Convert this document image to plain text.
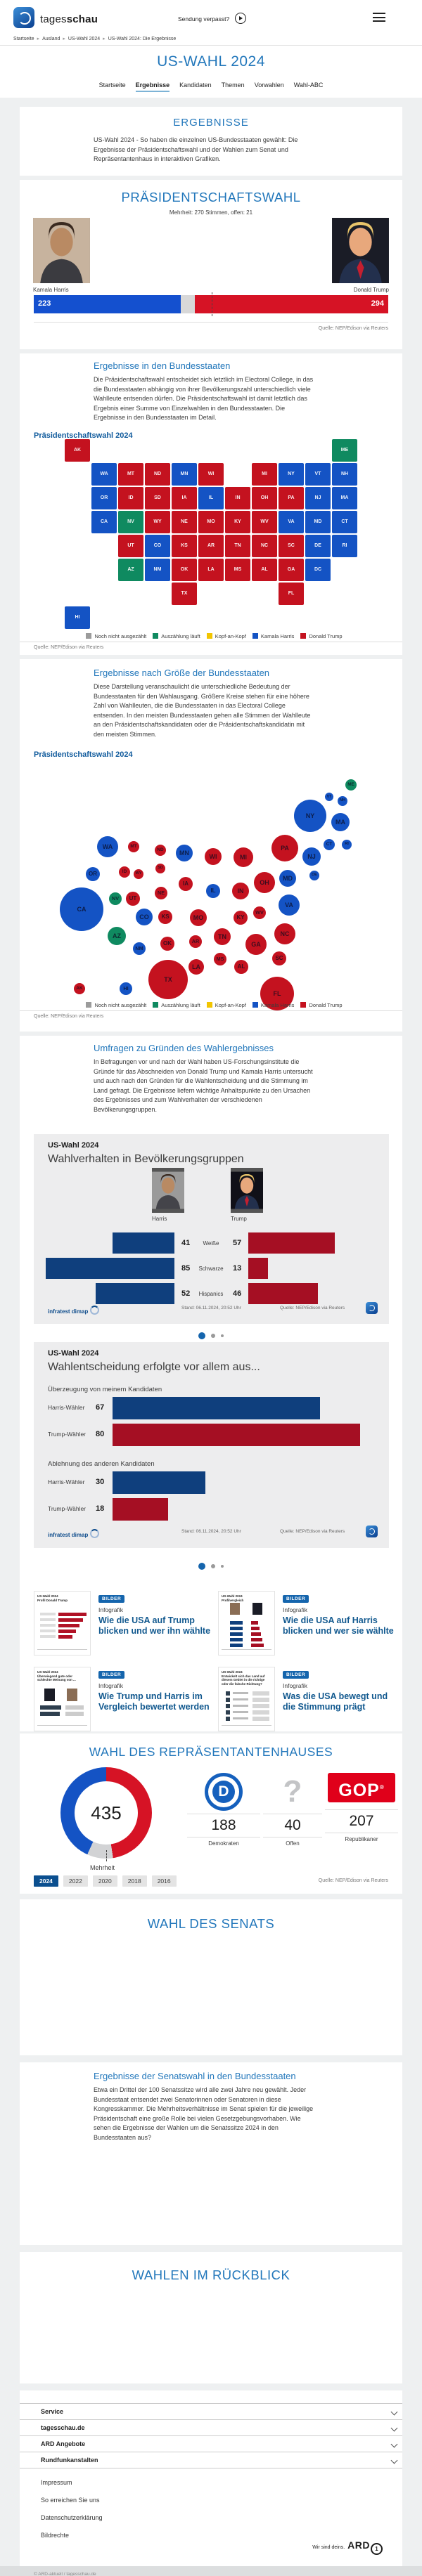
tagesschau	Sendung verpasst?
Startseite ▸ Ausland ▸ US-Wahl 2024 ▸ US-Wahl 2024: Die Ergebnisse
US-WAHL 2024
Startseite Ergebnisse Kandidaten Themen Vorwahlen Wahl-ABC
ERGEBNISSE
US-Wahl 2024 - So haben die einzelnen US-Bundesstaaten gewählt: Die Ergebnisse der Präsidentschaftswahl und der Wahlen zum Senat und Repräsentantenhaus in interaktiven Grafiken.
PRÄSIDENTSCHAFTSWAHL
Mehrheit: 270 Stimmen, offen: 21
Kamala Harris	Donald Trump
223	294
Quelle: NEP/Edison via Reuters
Ergebnisse in den Bundesstaaten
Die Präsidentschaftswahl entscheidet sich letztlich im Electoral College, in das die Bundesstaaten abhängig von ihrer Bevölkerungszahl unterschiedlich viele Wahlleute entsenden dürfen. Die Präsidentschaftswahl ist damit letztlich das Ergebnis einer Summe von Einzelwahlen in den Bundesstaaten. Die Ergebnisse in den Bundesstaaten im Detail.
Präsidentschaftswahl 2024
AK	ME
WA	MT	ND	MN	WI	MI	NY	VT	NH
OR	ID	SD	IA	IL	IN	OH	PA	NJ	MA
CA	NV	WY	NE	MO	KY	WV	VA	MD	CT
UT	CO	KS	AR	TN	NC	SC	DE	RI
AZ	NM	OK	LA	MS	AL	GA	DC
TX	FL
HI
Noch nicht ausgezählt	Auszählung läuft	Kopf-an-Kopf	Kamala Harris	Donald Trump
Quelle: NEP/Edison via Reuters
Ergebnisse nach Größe der Bundesstaaten
Diese Darstellung veranschaulicht die unterschiedliche Bedeutung der Bundesstaaten für den Wahlausgang. Größere Kreise stehen für eine höhere Zahl von Wahlleuten, die die Bundesstaaten in das Electoral College entsenden. In den meisten Bundesstaaten gehen alle Stimmen der Wahlleute an den Präsidentschaftskandidaten oder die Präsidentschaftskandidatin mit den meisten Stimmen.
Präsidentschaftswahl 2024
ME
VT
NH
NY
MA
CT	RI
PA
NJ
WA	MT
ND	MN	WI	MI
OR	ID	WY
SD
MD	DE
IA	OH
NE	IL	IN
NV	UT
VA
CA
CO	KS	MO	KY
WV
NC
AZ	TN
GA
NM
OK	AR
SC
MS
AL
LA
TX
FL
AK	HI
Noch nicht ausgezählt	Auszählung läuft	Kopf-an-Kopf	Kamala Harris	Donald Trump
Quelle: NEP/Edison via Reuters
Umfragen zu Gründen des Wahlergebnisses
In Befragungen vor und nach der Wahl haben US-Forschungsinstitute die Gründe für das Abschneiden von Donald Trump und Kamala Harris untersucht und auch nach den Gründen für die Wahlentscheidung und die Stimmung im Land gefragt. Die Ergebnisse liefern wichtige Anhaltspunkte zu den Ursachen des Ergebnisses und zum Wahlverhalten der verschiedenen Bevölkerungsgruppen.
US-Wahl 2024
Wahlverhalten in Bevölkerungsgruppen
Harris	Trump
41	Weiße	57
85	Schwarze	13
52	Hispanics	46
infratest dimap
Stand: 06.11.2024, 20:52 Uhr	Quelle: NEP/Edison via Reuters
US-Wahl 2024
Wahlentscheidung erfolgte vor allem aus...
Überzeugung von meinem Kandidaten
Harris-Wähler 67
Trump-Wähler 80
Ablehnung des anderen Kandidaten
Harris-Wähler 30
Trump-Wähler 18
infratest dimap
Stand: 06.11.2024, 20:52 Uhr	Quelle: NEP/Edison via Reuters
US-Wahl 2024
Profil Donald Trump	BILDER
Infografik
Wie die USA auf Trump blicken und wer ihn wählte
US-Wahl 2024
Profilvergleich	BILDER
Infografik
Wie die USA auf Harris blicken und wer sie wählte
US-Wahl 2024
Überwiegend gute oder schlechte Meinung von ...
BILDER
Infografik
Wie Trump und Harris im Vergleich bewertet werden
US-Wahl 2024
Entwickelt sich das Land auf diesem Gebiet in die richtige oder die falsche Richtung?
BILDER
Infografik
Was die USA bewegt und die Stimmung prägt
WAHL DES REPRÄSENTANTENHAUSES
435
Mehrheit
D
188
Demokraten
?
40
Offen
GOP®
207
Republikaner
2024	2022	2020	2018	2016	Quelle: NEP/Edison via Reuters
WAHL DES SENATS
Ergebnisse der Senatswahl in den Bundesstaaten
Etwa ein Drittel der 100 Senatssitze wird alle zwei Jahre neu gewählt. Jeder Bundesstaat entsendet zwei Senatorinnen oder Senatoren in diese Kongresskammer. Die Mehrheitsverhältnisse im Senat spielen für die jeweilige Präsidentschaft eine große Rolle bei vielen Gesetzgebungsvorhaben. Wie sehen die Ergebnisse der Wahlen um die Senatssitze 2024 in den Bundesstaaten aus?
WAHLEN IM RÜCKBLICK
Service
tagesschau.de
ARD Angebote
Rundfunkanstalten
Impressum
So erreichen Sie uns
Datenschutzerklärung
Bildrechte
Wir sind deins. ARD 1
© ARD-aktuell / tagesschau.de
